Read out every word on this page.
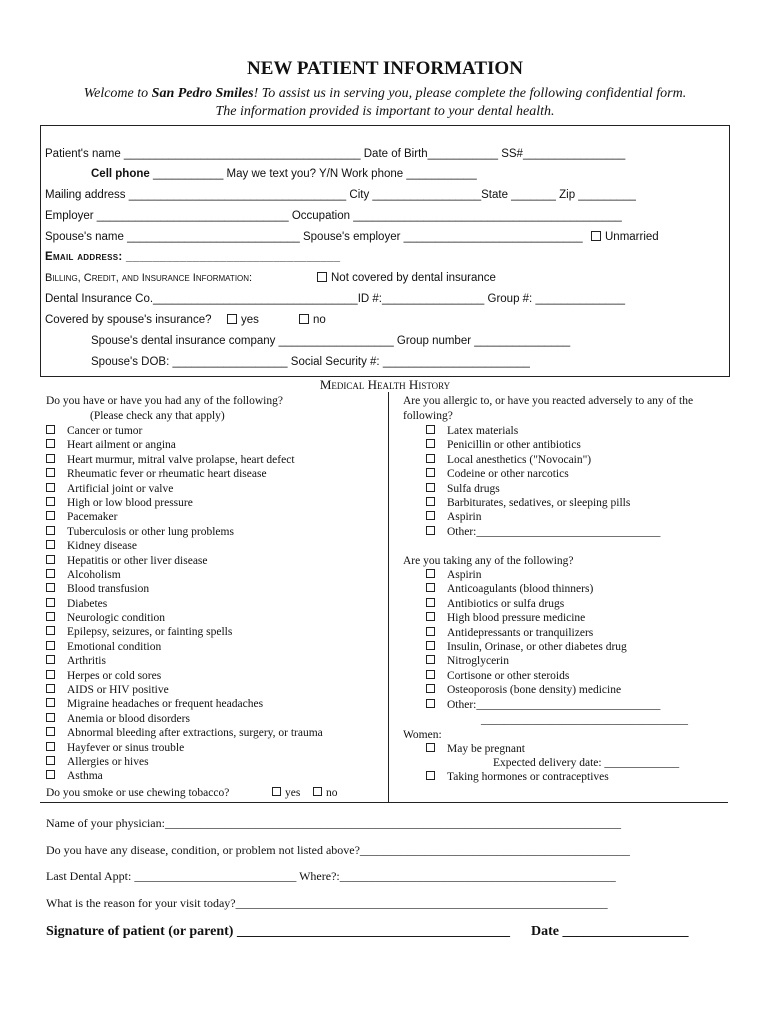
NEW PATIENT INFORMATION
Welcome to San Pedro Smiles! To assist us in serving you, please complete the following confidential form.
The information provided is important to your dental health.
Patient's name _____________________________________ Date of Birth___________ SS#________________
Cell phone ___________ May we text you? Y/N Work phone ___________
Mailing address __________________________________ City _________________State _______ Zip _________
Employer ______________________________ Occupation __________________________________________
Spouse's name ___________________________ Spouse's employer ____________________________	Unmarried
Email address: ________________________________
Billing, Credit, and Insurance Information:	Not covered by dental insurance
Dental Insurance Co.________________________________ID #:________________ Group #: ______________
Covered by spouse's insurance?	yes	no
Spouse's dental insurance company __________________ Group number _______________
Spouse's DOB: __________________ Social Security #: _______________________
Medical Health History
Do you have or have you had any of the following?
(Please check any that apply)
Cancer or tumor
Heart ailment or angina
Heart murmur, mitral valve prolapse, heart defect
Rheumatic fever or rheumatic heart disease
Artificial joint or valve
High or low blood pressure
Pacemaker
Tuberculosis or other lung problems
Kidney disease
Hepatitis or other liver disease
Alcoholism
Blood transfusion
Diabetes
Neurologic condition
Epilepsy, seizures, or fainting spells
Emotional condition
Arthritis
Herpes or cold sores
AIDS or HIV positive
Migraine headaches or frequent headaches
Anemia or blood disorders
Abnormal bleeding after extractions, surgery, or trauma
Hayfever or sinus trouble
Allergies or hives
Asthma
Do you smoke or use chewing tobacco?	yes	no
Are you allergic to, or have you reacted adversely to any of the
following?
Latex materials
Penicillin or other antibiotics
Local anesthetics ("Novocain")
Codeine or other narcotics
Sulfa drugs
Barbiturates, sedatives, or sleeping pills
Aspirin
Other:________________________________
Are you taking any of the following?
Aspirin
Anticoagulants (blood thinners)
Antibiotics or sulfa drugs
High blood pressure medicine
Antidepressants or tranquilizers
Insulin, Orinase, or other diabetes drug
Nitroglycerin
Cortisone or other steroids
Osteoporosis (bone density) medicine
Other:________________________________
____________________________________
Women:
May be pregnant
Expected delivery date: _____________
Taking hormones or contraceptives
Name of your physician:____________________________________________________________________________
Do you have any disease, condition, or problem not listed above?_____________________________________________
Last Dental Appt: ___________________________ Where?:______________________________________________
What is the reason for your visit today?______________________________________________________________
Signature of patient (or parent) _______________________________________ Date __________________
